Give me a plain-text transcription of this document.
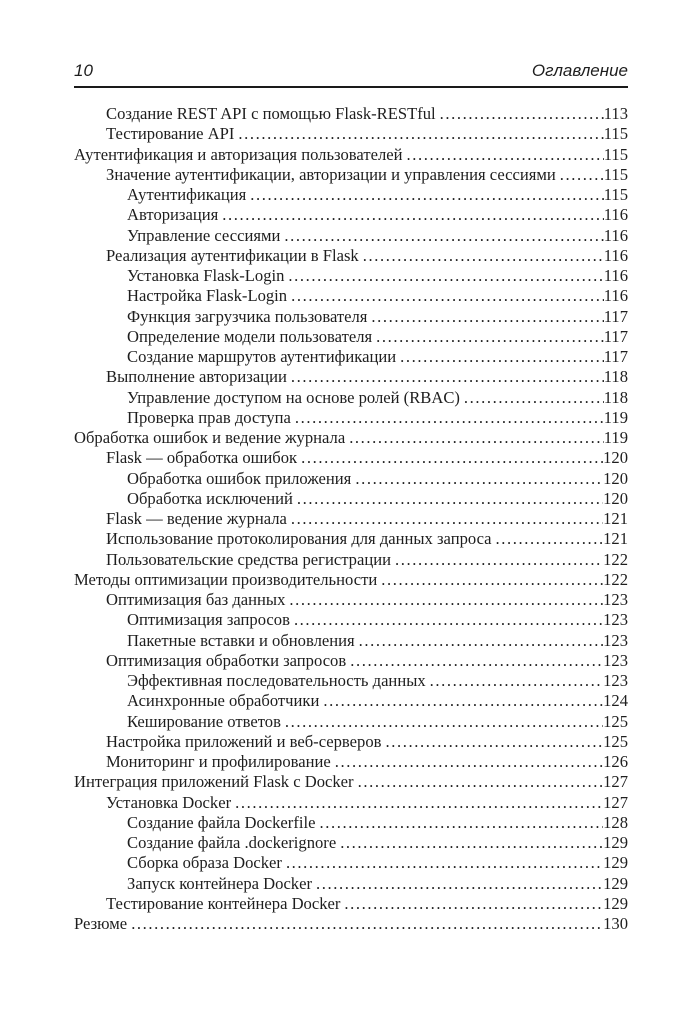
10	Оглавление
Создание REST API с помощью Flask-RESTful .....	113
Тестирование API .....	115
Аутентификация и авторизация пользователей .....	115
Значение аутентификации, авторизации и управления сессиями .....	115
Аутентификация .....	115
Авторизация .....	116
Управление сессиями .....	116
Реализация аутентификации в Flask .....	116
Установка Flask-Login .....	116
Настройка Flask-Login .....	116
Функция загрузчика пользователя .....	117
Определение модели пользователя .....	117
Создание маршрутов аутентификации .....	117
Выполнение авторизации .....	118
Управление доступом на основе ролей (RBAC) .....	118
Проверка прав доступа .....	119
Обработка ошибок и ведение журнала .....	119
Flask — обработка ошибок .....	120
Обработка ошибок приложения .....	120
Обработка исключений .....	120
Flask — ведение журнала .....	121
Использование протоколирования для данных запроса .....	121
Пользовательские средства регистрации .....	122
Методы оптимизации производительности .....	122
Оптимизация баз данных .....	123
Оптимизация запросов .....	123
Пакетные вставки и обновления .....	123
Оптимизация обработки запросов .....	123
Эффективная последовательность данных .....	123
Асинхронные обработчики .....	124
Кеширование ответов .....	125
Настройка приложений и веб-серверов .....	125
Мониторинг и профилирование .....	126
Интеграция приложений Flask с Docker .....	127
Установка Docker .....	127
Создание файла Dockerfile .....	128
Создание файла .dockerignore .....	129
Сборка образа Docker .....	129
Запуск контейнера Docker .....	129
Тестирование контейнера Docker .....	129
Резюме .....	130
